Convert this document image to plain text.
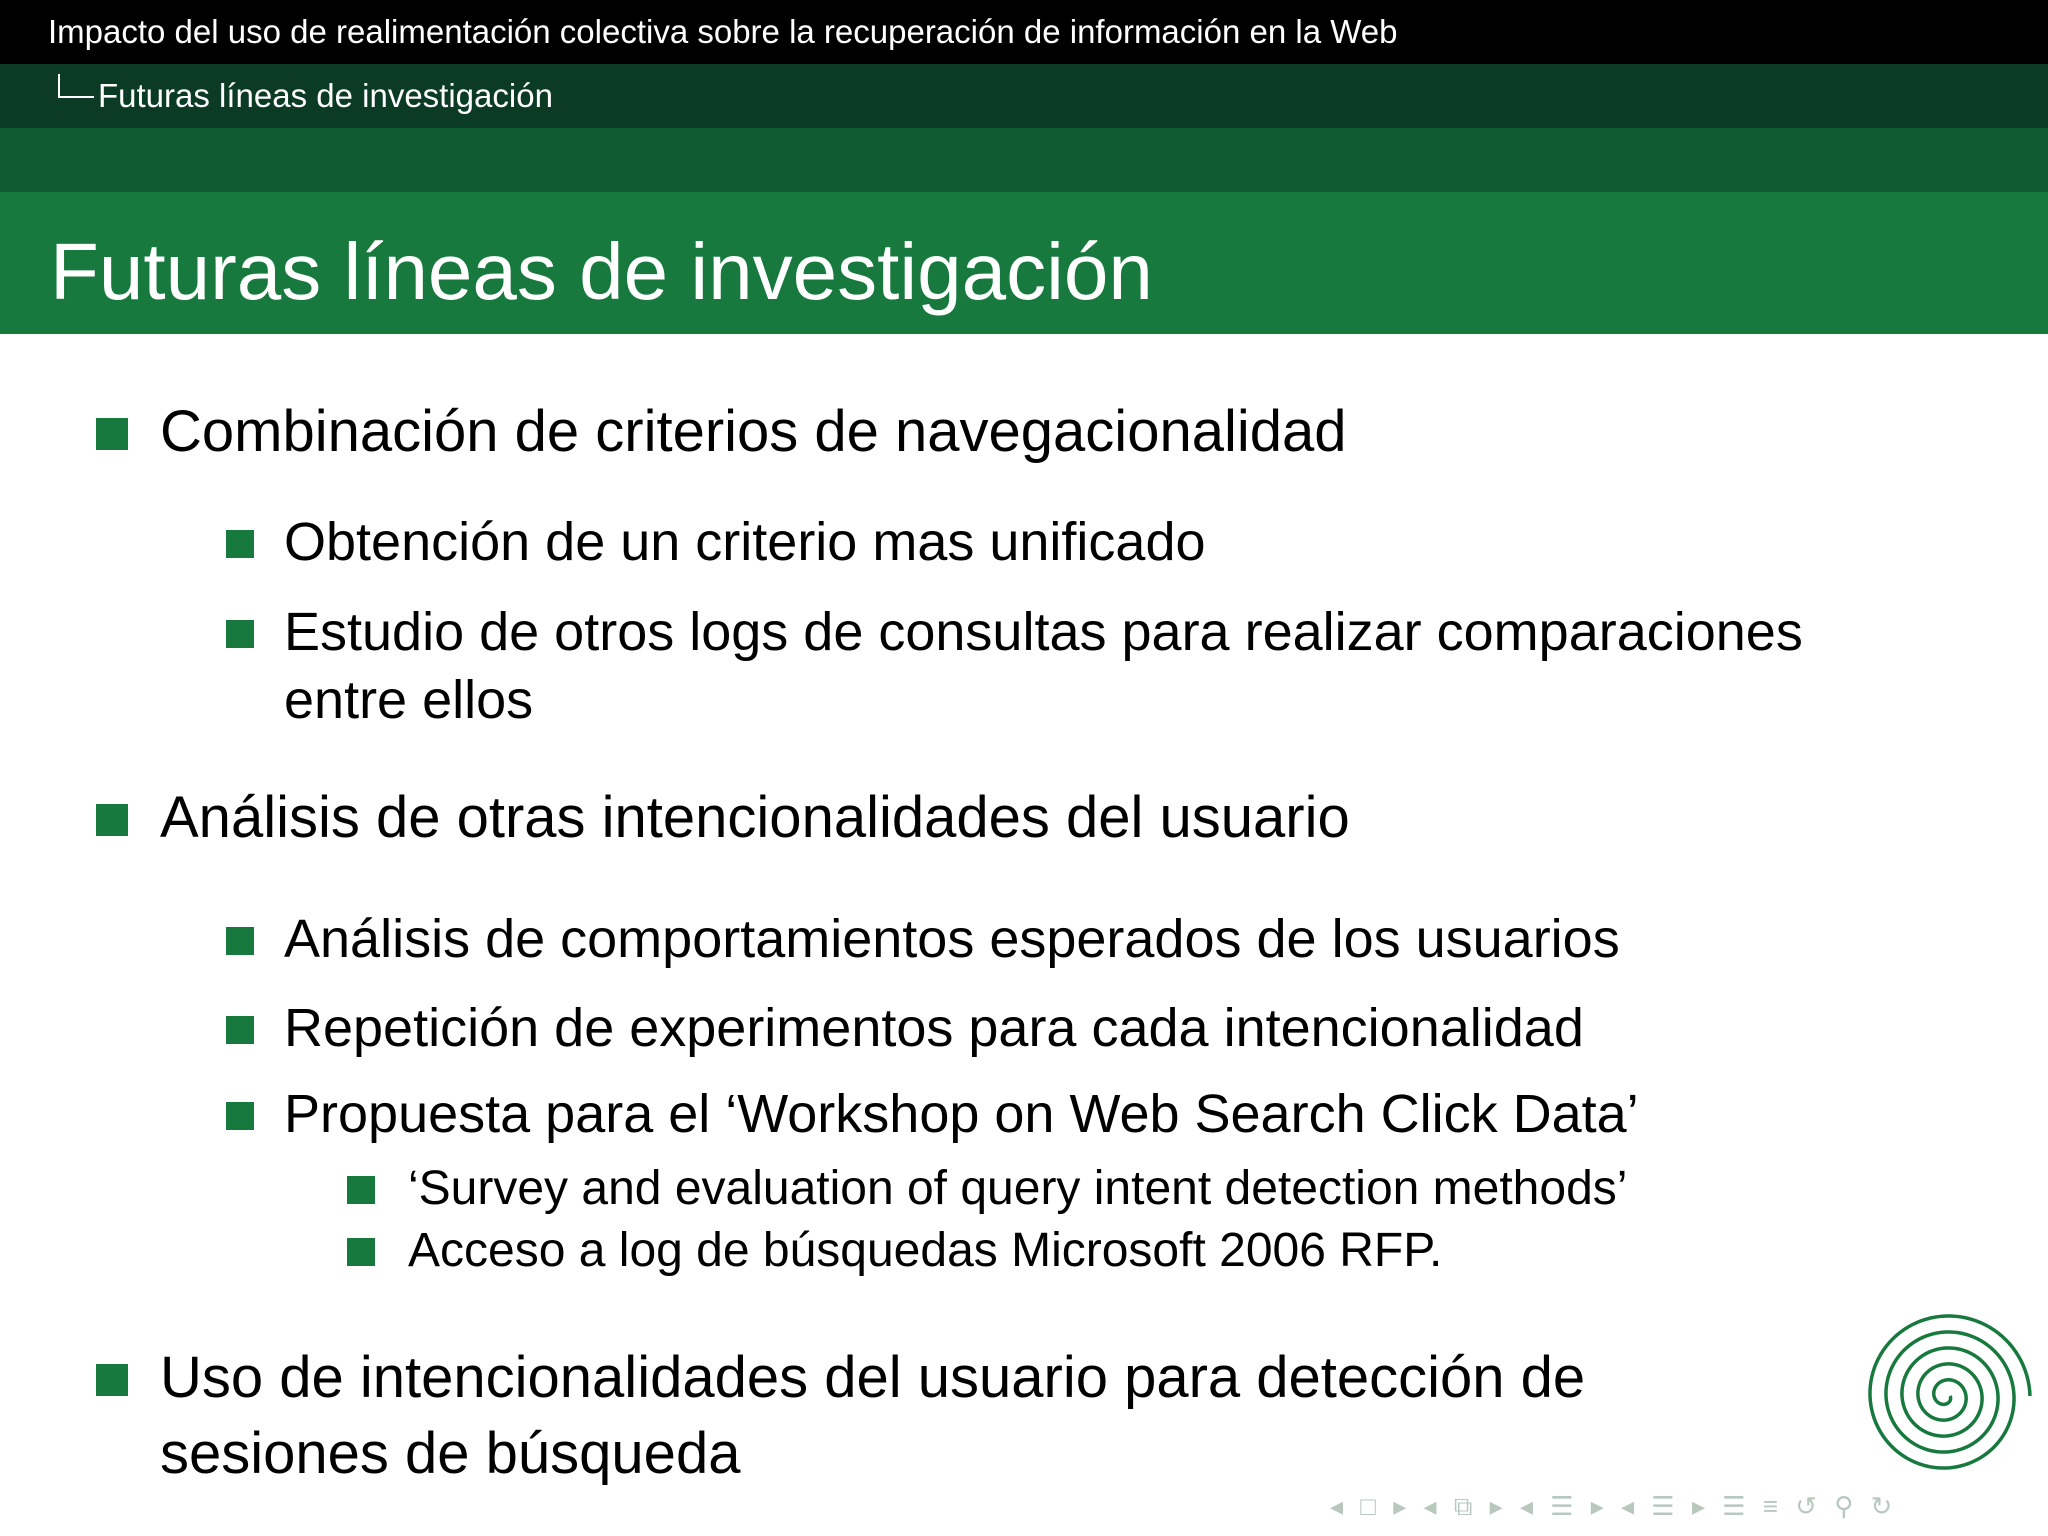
Impacto del uso de realimentación colectiva sobre la recuperación de información en la Web
Futuras líneas de investigación
Futuras líneas de investigación
Combinación de criterios de navegacionalidad
Obtención de un criterio mas unificado
Estudio de otros logs de consultas para realizar comparaciones entre ellos
Análisis de otras intencionalidades del usuario
Análisis de comportamientos esperados de los usuarios
Repetición de experimentos para cada intencionalidad
Propuesta para el ‘Workshop on Web Search Click Data’
‘Survey and evaluation of query intent detection methods’
Acceso a log de búsquedas Microsoft 2006 RFP.
Uso de intencionalidades del usuario para detección de sesiones de búsqueda
◂ □ ▸ ◂ ⧉ ▸ ◂ ☰ ▸ ◂ ☰ ▸ ☰ ≡ ↺ ⚲ ↻
